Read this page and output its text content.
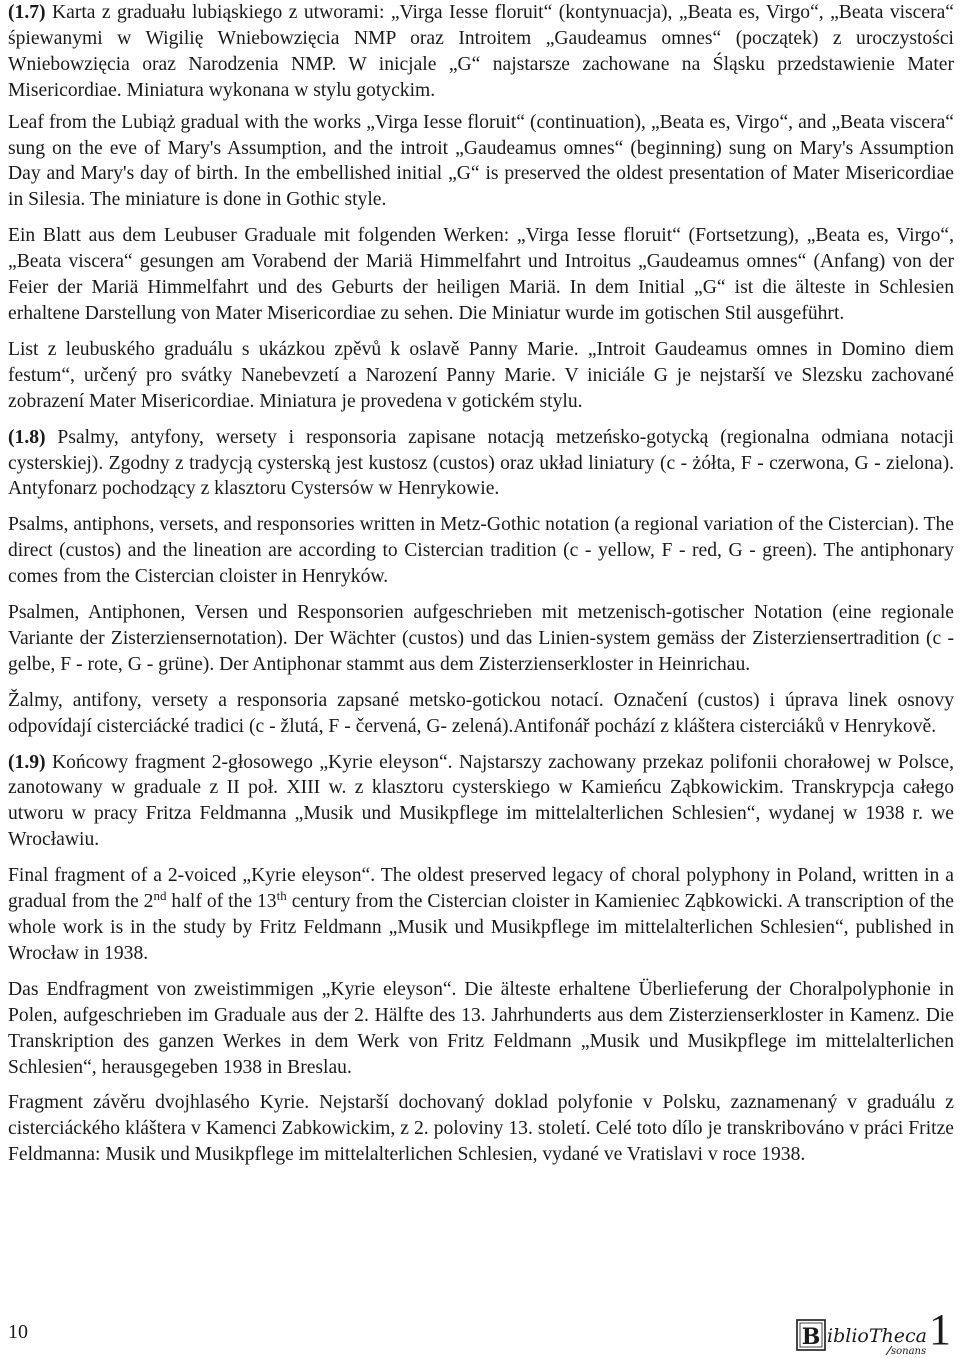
(1.7) Karta z graduału lubiąskiego z utworami: „Virga Iesse floruit“ (kontynuacja), „Beata es, Virgo“, „Beata viscera“ śpiewanymi w Wigilię Wniebowzięcia NMP oraz Introitem „Gaudeamus omnes“ (początek) z uroczystości Wniebowzięcia oraz Narodzenia NMP. W inicjale „G“ najstarsze zachowane na Śląsku przedstawienie Mater Misericordiae. Miniatura wykonana w stylu gotyckim.

Leaf from the Lubiąż gradual with the works „Virga Iesse floruit“ (continuation), „Beata es, Virgo“, and „Beata viscera“ sung on the eve of Mary's Assumption, and the introit „Gaudeamus omnes“ (beginning) sung on Mary's Assumption Day and Mary's day of birth. In the embellished initial „G“ is preserved the oldest presentation of Mater Misericordiae in Silesia. The miniature is done in Gothic style.

Ein Blatt aus dem Leubuser Graduale mit folgenden Werken: „Virga Iesse floruit“ (Fortsetzung), „Beata es, Virgo“, „Beata viscera“ gesungen am Vorabend der Mariä Himmelfahrt und Introitus „Gaudeamus omnes“ (Anfang) von der Feier der Mariä Himmelfahrt und des Geburts der heiligen Mariä. In dem Initial „G“ ist die älteste in Schlesien erhaltene Darstellung von Mater Misericordiae zu sehen. Die Miniatur wurde im gotischen Stil ausgeführt.

List z leubuského graduálu s ukázkou zpěvů k oslavě Panny Marie. „Introit Gaudeamus omnes in Domino diem festum“, určený pro svátky Nanebevzetí a Narození Panny Marie. V iniciále G je nejstarší ve Slezsku zachované zobrazení Mater Misericordiae. Miniatura je provedena v gotickém stylu.

(1.8) Psalmy, antyfony, wersety i responsoria zapisane notacją metzeńsko-gotycką (regionalna odmiana notacji cysterskiej). Zgodny z tradycją cysterską jest kustosz (custos) oraz układ liniatury (c - żółta, F - czerwona, G - zielona). Antyfonarz pochodzący z klasztoru Cystersów w Henrykowie.

Psalms, antiphons, versets, and responsories written in Metz-Gothic notation (a regional variation of the Cistercian). The direct (custos) and the lineation are according to Cistercian tradition (c - yellow, F - red, G - green). The antiphonary comes from the Cistercian cloister in Henryków.

Psalmen, Antiphonen, Versen und Responsorien aufgeschrieben mit metzenisch-gotischer Notation (eine regionale Variante der Zisterziensernotation). Der Wächter (custos) und das Linien-system gemäss der Zisterziensertradition (c - gelbe, F - rote, G - grüne). Der Antiphonar stammt aus dem Zisterzienserkloster in Heinrichau.

Žalmy, antifony, versety a responsoria zapsané metsko-gotickou notací. Označení (custos) i úprava linek osnovy odpovídají cisterciácké tradici (c - žlutá, F - červená, G- zelená).Antifonář pochází z kláštera cisterciáků v Henrykově.

(1.9) Końcowy fragment 2-głosowego „Kyrie eleyson“. Najstarszy zachowany przekaz polifonii chorałowej w Polsce, zanotowany w graduale z II poł. XIII w. z klasztoru cysterskiego w Kamieńcu Ząbkowickim. Transkrypcja całego utworu w pracy Fritza Feldmanna „Musik und Musikpflege im mittelalterlichen Schlesien“, wydanej w 1938 r. we Wrocławiu.

Final fragment of a 2-voiced „Kyrie eleyson“. The oldest preserved legacy of choral polyphony in Poland, written in a gradual from the 2nd half of the 13th century from the Cistercian cloister in Kamieniec Ząbkowicki. A transcription of the whole work is in the study by Fritz Feldmann „Musik und Musikpflege im mittelalterlichen Schlesien“, published in Wrocław in 1938.

Das Endfragment von zweistimmigen „Kyrie eleyson“. Die älteste erhaltene Überlieferung der Choralpolyphonie in Polen, aufgeschrieben im Graduale aus der 2. Hälfte des 13. Jahrhunderts aus dem Zisterzienserkloster in Kamenz. Die Transkription des ganzen Werkes in dem Werk von Fritz Feldmann „Musik und Musikpflege im mittelalterlichen Schlesien“, herausgegeben 1938 in Breslau.

Fragment závěru dvojhlasého Kyrie. Nejstarší dochovaný doklad polyfonie v Polsku, zaznamenaný v graduálu z cisterciáckého kláštera v Kamenci Zabkowickim, z 2. poloviny 13. století. Celé toto dílo je transkribováno v práci Fritze Feldmanna: Musik und Musikpflege im mittelalterlichen Schlesien, vydané ve Vratislavi v roce 1938.

10	B iblioTheca
sonans 1
